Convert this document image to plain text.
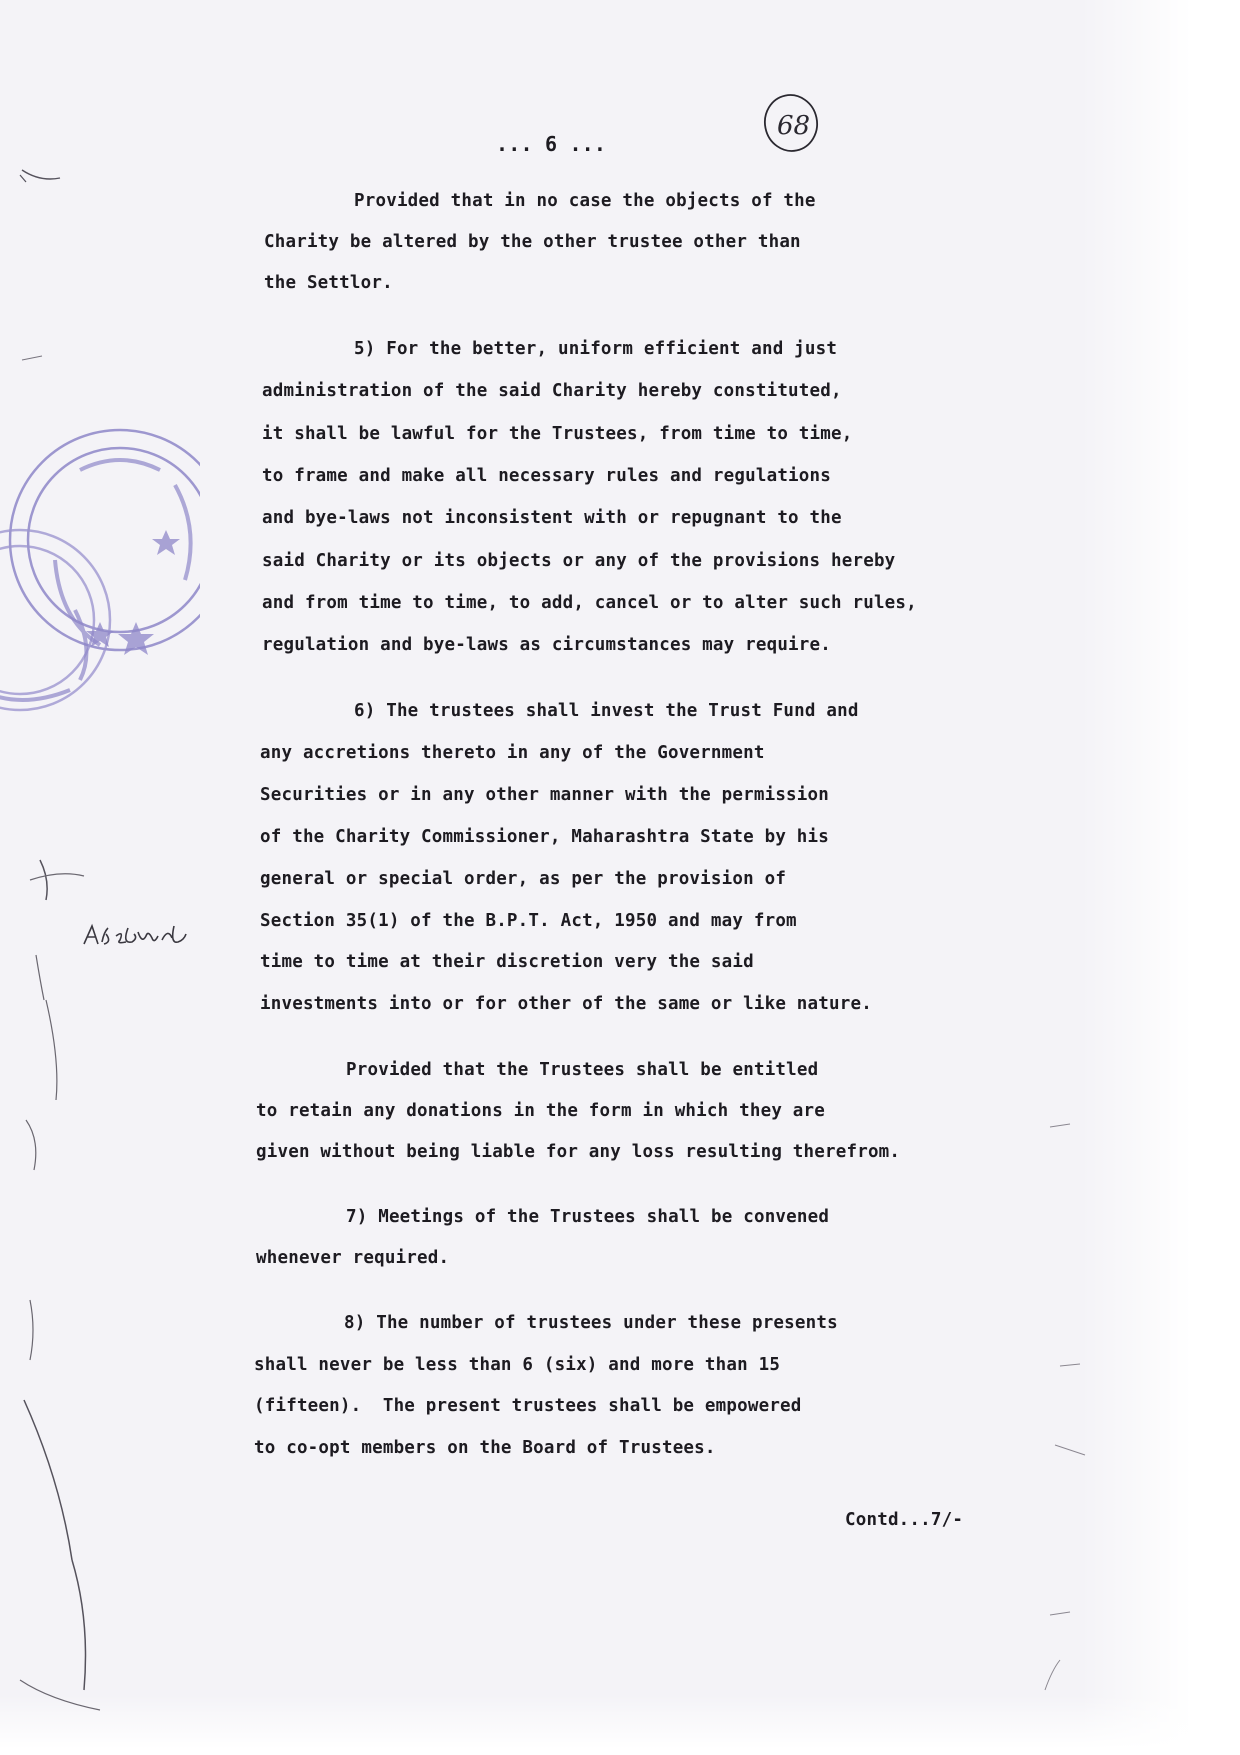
... 6 ...

68

Provided that in no case the objects of the

Charity be altered by the other trustee other than

the Settlor.

5) For the better, uniform efficient and just

administration of the said Charity hereby constituted,

it shall be lawful for the Trustees, from time to time,

to frame and make all necessary rules and regulations

and bye-laws not inconsistent with or repugnant to the

said Charity or its objects or any of the provisions hereby

and from time to time, to add, cancel or to alter such rules,

regulation and bye-laws as circumstances may require.

6) The trustees shall invest the Trust Fund and

any accretions thereto in any of the Government

Securities or in any other manner with the permission

of the Charity Commissioner, Maharashtra State by his

general or special order, as per the provision of

Section 35(1) of the B.P.T. Act, 1950 and may from

time to time at their discretion very the said

investments into or for other of the same or like nature.

Provided that the Trustees shall be entitled

to retain any donations in the form in which they are

given without being liable for any loss resulting therefrom.

7) Meetings of the Trustees shall be convened

whenever required.

8) The number of trustees under these presents

shall never be less than 6 (six) and more than 15

(fifteen).  The present trustees shall be empowered

to co-opt members on the Board of Trustees.

Contd...7/-
